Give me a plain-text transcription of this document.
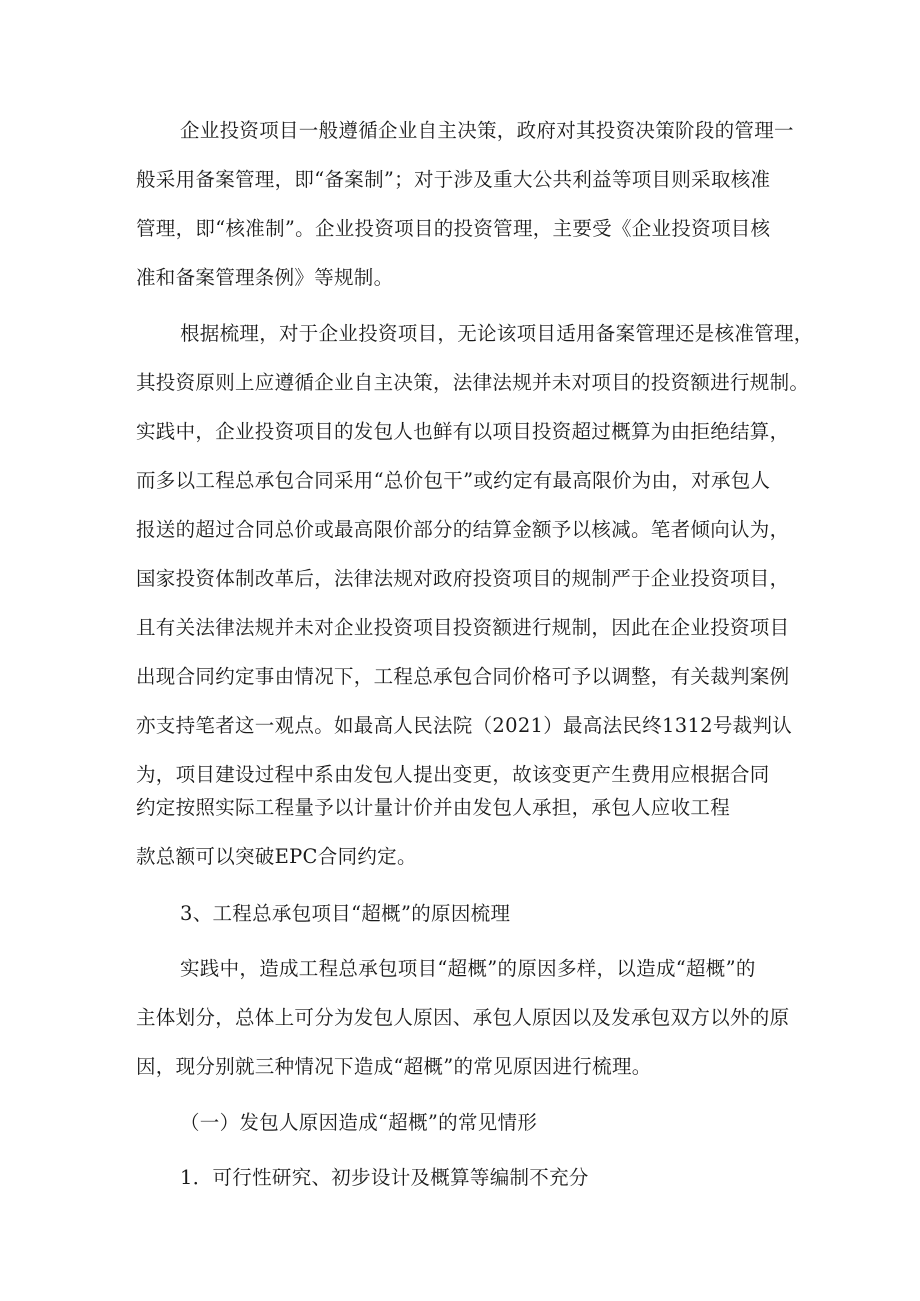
企业投资项目一般遵循企业自主决策，政府对其投资决策阶段的管理一
般采用备案管理，即“备案制”；对于涉及重大公共利益等项目则采取核准
管理，即“核准制”。企业投资项目的投资管理，主要受《企业投资项目核
准和备案管理条例》等规制。
根据梳理，对于企业投资项目，无论该项目适用备案管理还是核准管理，
其投资原则上应遵循企业自主决策，法律法规并未对项目的投资额进行规制。
实践中，企业投资项目的发包人也鲜有以项目投资超过概算为由拒绝结算，
而多以工程总承包合同采用“总价包干”或约定有最高限价为由，对承包人
报送的超过合同总价或最高限价部分的结算金额予以核减。笔者倾向认为，
国家投资体制改革后，法律法规对政府投资项目的规制严于企业投资项目，
且有关法律法规并未对企业投资项目投资额进行规制，因此在企业投资项目
出现合同约定事由情况下，工程总承包合同价格可予以调整，有关裁判案例
亦支持笔者这一观点。如最高人民法院（2021）最高法民终1312号裁判认
为，项目建设过程中系由发包人提出变更，故该变更产生费用应根据合同
约定按照实际工程量予以计量计价并由发包人承担，承包人应收工程
款总额可以突破EPC合同约定。
3、工程总承包项目“超概”的原因梳理
实践中，造成工程总承包项目“超概”的原因多样，以造成“超概”的
主体划分，总体上可分为发包人原因、承包人原因以及发承包双方以外的原
因，现分别就三种情况下造成“超概”的常见原因进行梳理。
（一）发包人原因造成“超概”的常见情形
1．可行性研究、初步设计及概算等编制不充分
